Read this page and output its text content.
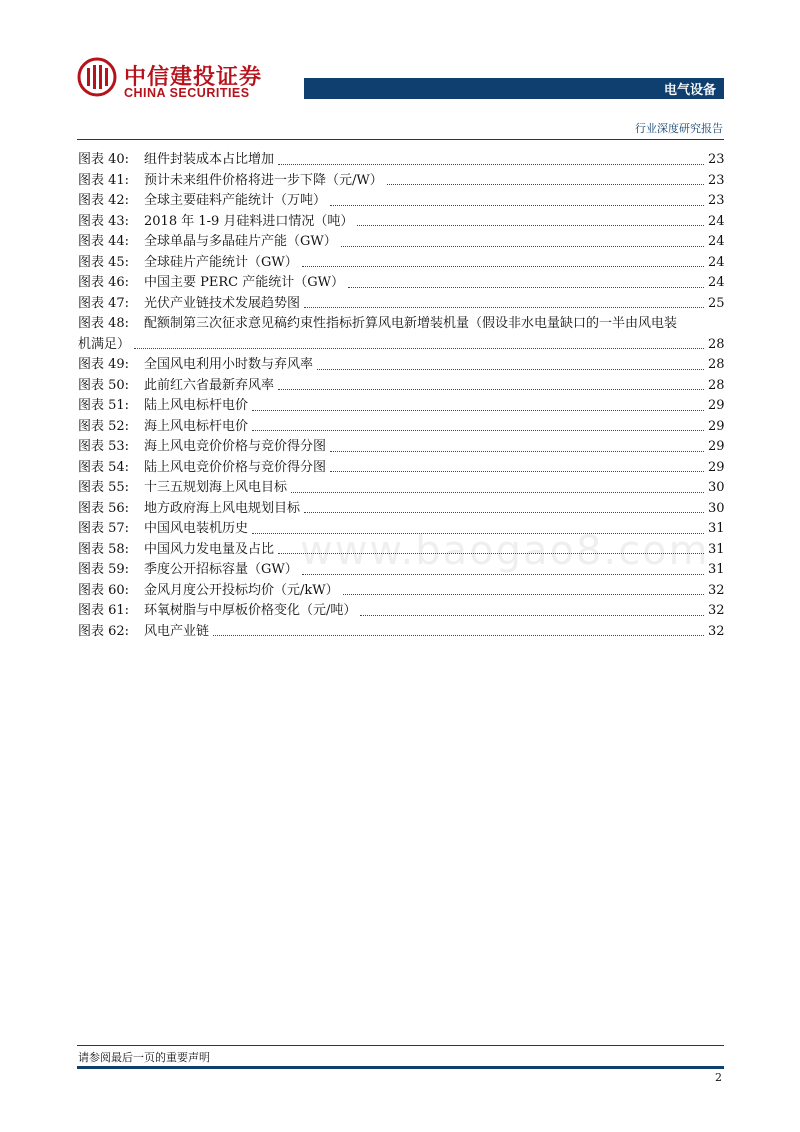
中信建投证券
CHINA SECURITIES	电气设备
行业深度研究报告
图表 40:	组件封装成本占比增加	23
图表 41:	预计未来组件价格将进一步下降（元/W）	23
图表 42:	全球主要硅料产能统计（万吨）	23
图表 43:	2018 年 1-9 月硅料进口情况（吨）	24
图表 44:	全球单晶与多晶硅片产能（GW）	24
图表 45:	全球硅片产能统计（GW）	24
图表 46:	中国主要 PERC 产能统计（GW）	24
图表 47:	光伏产业链技术发展趋势图	25
图表 48:	配额制第三次征求意见稿约束性指标折算风电新增装机量（假设非水电量缺口的一半由风电装
机满足）	28
图表 49:	全国风电利用小时数与弃风率	28
图表 50:	此前红六省最新弃风率	28
图表 51:	陆上风电标杆电价	29
图表 52:	海上风电标杆电价	29
图表 53:	海上风电竞价价格与竞价得分图	29
图表 54:	陆上风电竞价价格与竞价得分图	29
图表 55:	十三五规划海上风电目标	30
图表 56:	地方政府海上风电规划目标	30
图表 57:	中国风电装机历史	31
图表 58:	中国风力发电量及占比	31
图表 59:	季度公开招标容量（GW）	31
图表 60:	金风月度公开投标均价（元/kW）	32
图表 61:	环氧树脂与中厚板价格变化（元/吨）	32
图表 62:	风电产业链	32
www.baogao8.com
请参阅最后一页的重要声明
2
